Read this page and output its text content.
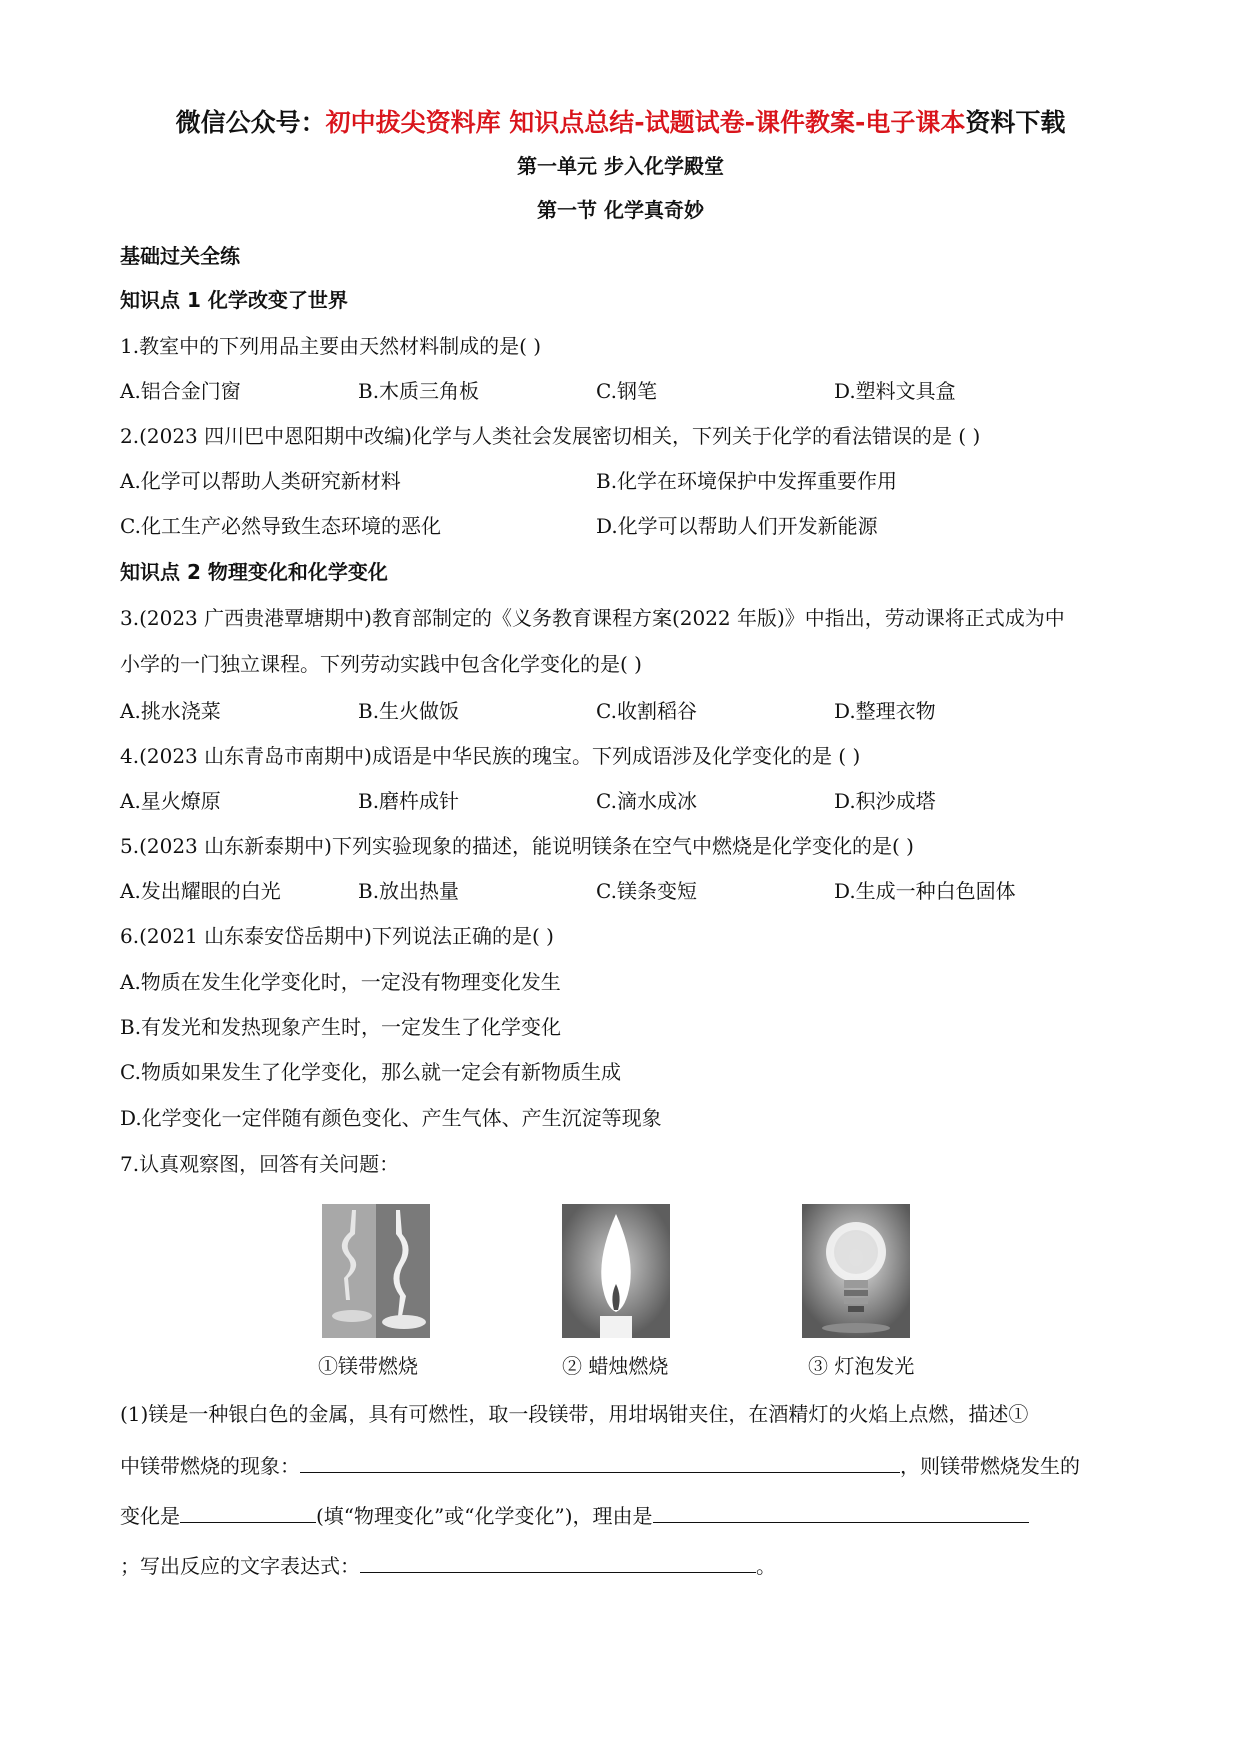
微信公众号：初中拔尖资料库 知识点总结-试题试卷-课件教案-电子课本资料下载
第一单元 步入化学殿堂
第一节 化学真奇妙
基础过关全练
知识点 1 化学改变了世界
1.教室中的下列用品主要由天然材料制成的是( )
A.铝合金门窗	B.木质三角板	C.钢笔	D.塑料文具盒
2.(2023 四川巴中恩阳期中改编)化学与人类社会发展密切相关，下列关于化学的看法错误的是 ( )
A.化学可以帮助人类研究新材料	B.化学在环境保护中发挥重要作用
C.化工生产必然导致生态环境的恶化	D.化学可以帮助人们开发新能源
知识点 2 物理变化和化学变化
3.(2023 广西贵港覃塘期中)教育部制定的《义务教育课程方案(2022 年版)》中指出，劳动课将正式成为中
小学的一门独立课程。下列劳动实践中包含化学变化的是( )
A.挑水浇菜	B.生火做饭	C.收割稻谷	D.整理衣物
4.(2023 山东青岛市南期中)成语是中华民族的瑰宝。下列成语涉及化学变化的是 ( )
A.星火燎原	B.磨杵成针	C.滴水成冰	D.积沙成塔
5.(2023 山东新泰期中)下列实验现象的描述，能说明镁条在空气中燃烧是化学变化的是( )
A.发出耀眼的白光	B.放出热量	C.镁条变短	D.生成一种白色固体
6.(2021 山东泰安岱岳期中)下列说法正确的是( )
A.物质在发生化学变化时，一定没有物理变化发生
B.有发光和发热现象产生时，一定发生了化学变化
C.物质如果发生了化学变化，那么就一定会有新物质生成
D.化学变化一定伴随有颜色变化、产生气体、产生沉淀等现象
7.认真观察图，回答有关问题：
①镁带燃烧	② 蜡烛燃烧	③ 灯泡发光
(1)镁是一种银白色的金属，具有可燃性，取一段镁带，用坩埚钳夹住，在酒精灯的火焰上点燃，描述①
中镁带燃烧的现象：	，则镁带燃烧发生的
变化是	(填“物理变化”或“化学变化”)，理由是
；写出反应的文字表达式：	。
